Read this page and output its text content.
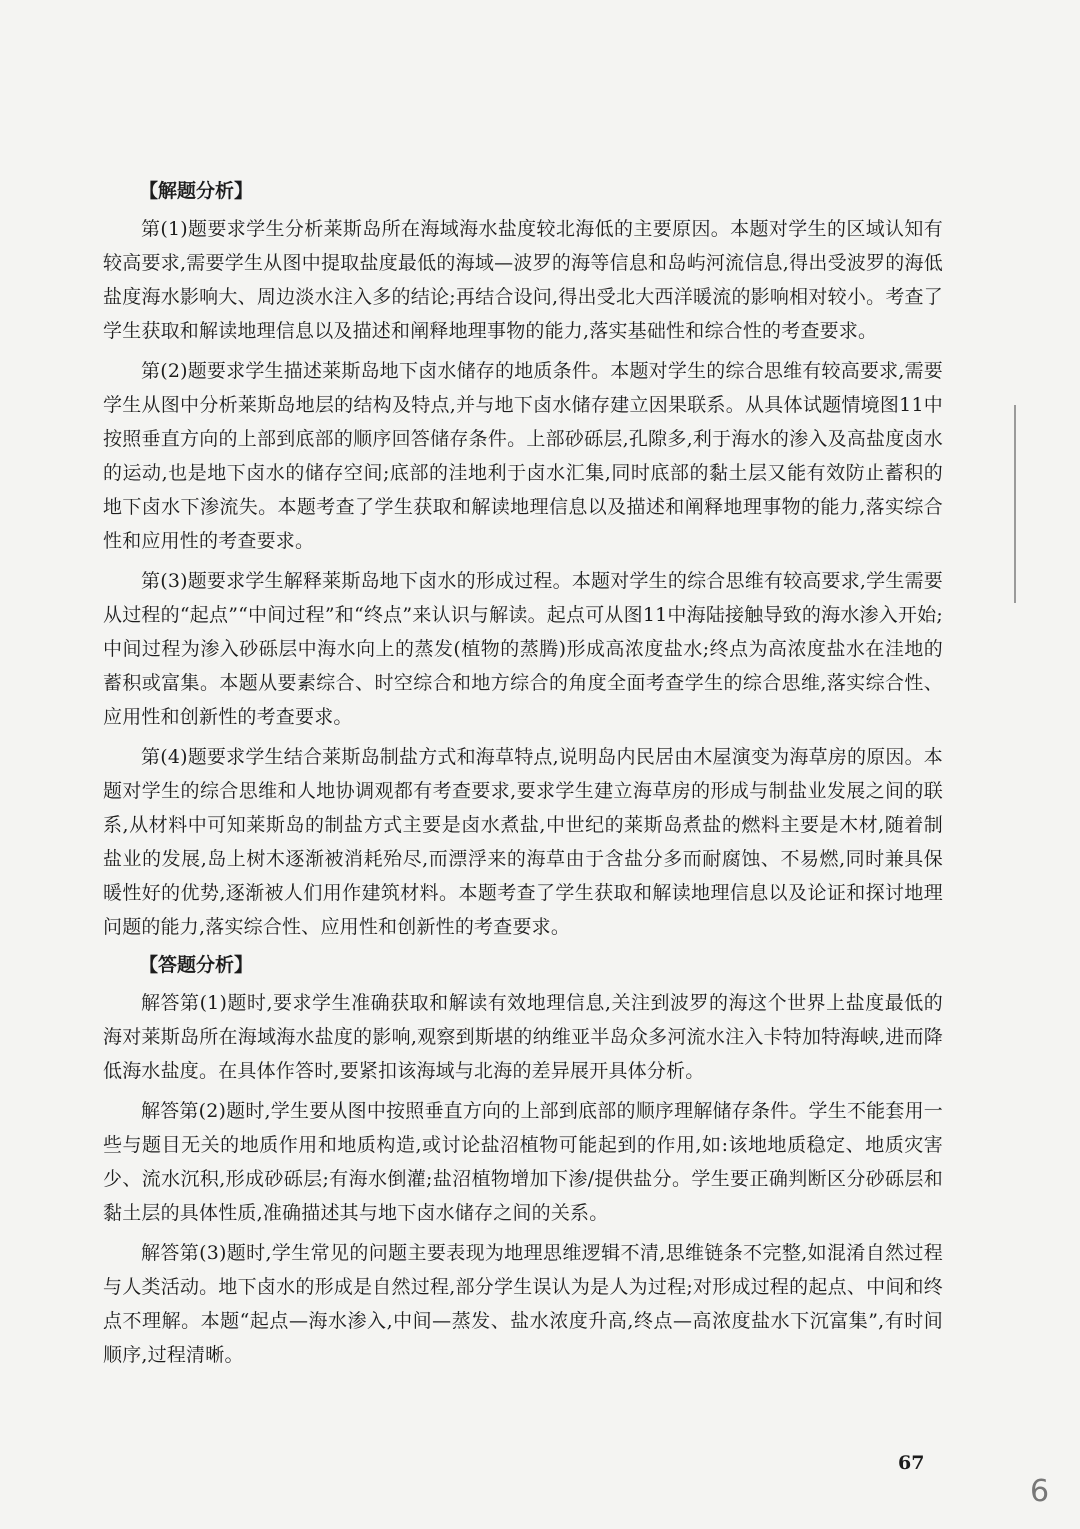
【解题分析】

第(1)题要求学生分析莱斯岛所在海域海水盐度较北海低的主要原因。本题对学生的区域认知有较高要求,需要学生从图中提取盐度最低的海域—波罗的海等信息和岛屿河流信息,得出受波罗的海低盐度海水影响大、周边淡水注入多的结论;再结合设问,得出受北大西洋暖流的影响相对较小。考查了学生获取和解读地理信息以及描述和阐释地理事物的能力,落实基础性和综合性的考查要求。

第(2)题要求学生描述莱斯岛地下卤水储存的地质条件。本题对学生的综合思维有较高要求,需要学生从图中分析莱斯岛地层的结构及特点,并与地下卤水储存建立因果联系。从具体试题情境图11中按照垂直方向的上部到底部的顺序回答储存条件。上部砂砾层,孔隙多,利于海水的渗入及高盐度卤水的运动,也是地下卤水的储存空间;底部的洼地利于卤水汇集,同时底部的黏土层又能有效防止蓄积的地下卤水下渗流失。本题考查了学生获取和解读地理信息以及描述和阐释地理事物的能力,落实综合性和应用性的考查要求。

第(3)题要求学生解释莱斯岛地下卤水的形成过程。本题对学生的综合思维有较高要求,学生需要从过程的“起点”“中间过程”和“终点”来认识与解读。起点可从图11中海陆接触导致的海水渗入开始;中间过程为渗入砂砾层中海水向上的蒸发(植物的蒸腾)形成高浓度盐水;终点为高浓度盐水在洼地的蓄积或富集。本题从要素综合、时空综合和地方综合的角度全面考查学生的综合思维,落实综合性、应用性和创新性的考查要求。

第(4)题要求学生结合莱斯岛制盐方式和海草特点,说明岛内民居由木屋演变为海草房的原因。本题对学生的综合思维和人地协调观都有考查要求,要求学生建立海草房的形成与制盐业发展之间的联系,从材料中可知莱斯岛的制盐方式主要是卤水煮盐,中世纪的莱斯岛煮盐的燃料主要是木材,随着制盐业的发展,岛上树木逐渐被消耗殆尽,而漂浮来的海草由于含盐分多而耐腐蚀、不易燃,同时兼具保暖性好的优势,逐渐被人们用作建筑材料。本题考查了学生获取和解读地理信息以及论证和探讨地理问题的能力,落实综合性、应用性和创新性的考查要求。

【答题分析】

解答第(1)题时,要求学生准确获取和解读有效地理信息,关注到波罗的海这个世界上盐度最低的海对莱斯岛所在海域海水盐度的影响,观察到斯堪的纳维亚半岛众多河流水注入卡特加特海峡,进而降低海水盐度。在具体作答时,要紧扣该海域与北海的差异展开具体分析。

解答第(2)题时,学生要从图中按照垂直方向的上部到底部的顺序理解储存条件。学生不能套用一些与题目无关的地质作用和地质构造,或讨论盐沼植物可能起到的作用,如:该地地质稳定、地质灾害少、流水沉积,形成砂砾层;有海水倒灌;盐沼植物增加下渗/提供盐分。学生要正确判断区分砂砾层和黏土层的具体性质,准确描述其与地下卤水储存之间的关系。

解答第(3)题时,学生常见的问题主要表现为地理思维逻辑不清,思维链条不完整,如混淆自然过程与人类活动。地下卤水的形成是自然过程,部分学生误认为是人为过程;对形成过程的起点、中间和终点不理解。本题“起点—海水渗入,中间—蒸发、盐水浓度升高,终点—高浓度盐水下沉富集”,有时间顺序,过程清晰。

67
6
